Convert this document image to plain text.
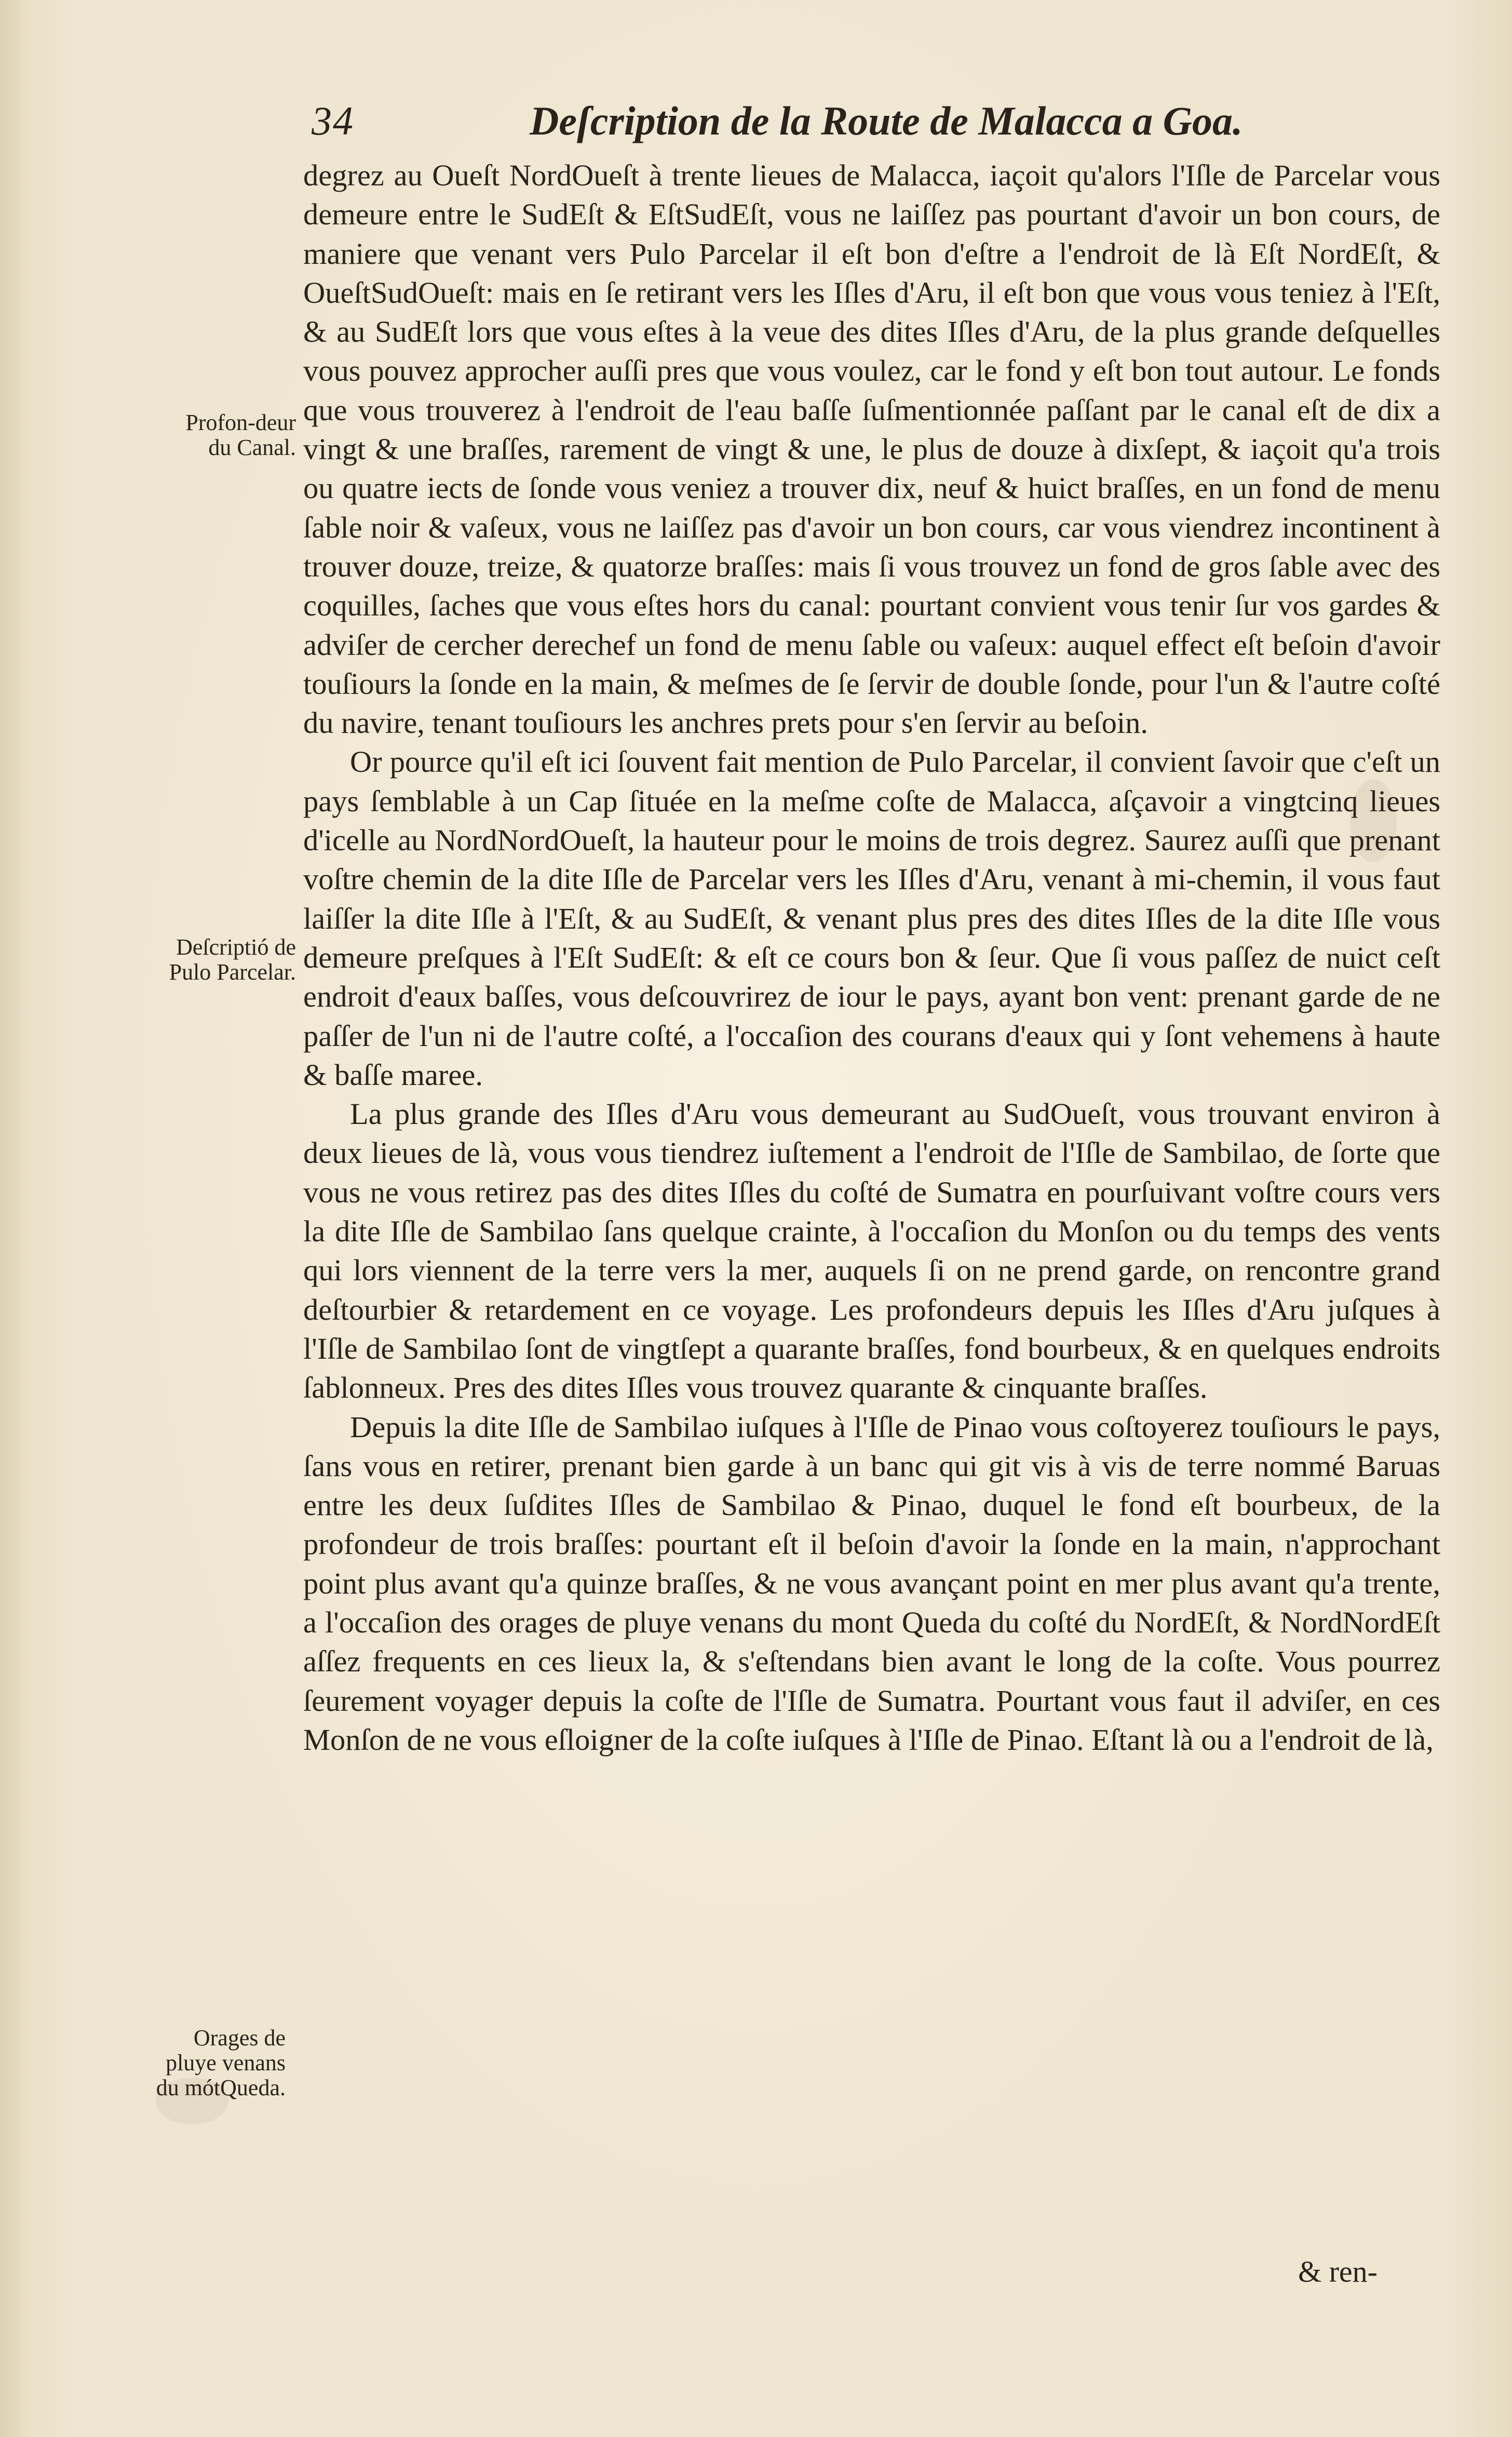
34	Deſcription de la Route de Malacca a Goa.
Profon-deur du Canal.
Deſcriptió de Pulo Parcelar.
Orages de pluye venans du mótQueda.

degrez au Oueſt NordOueſt à trente lieues de Malacca, iaçoit qu'alors l'Iſle de Parcelar vous demeure entre le SudEſt & EſtSudEſt, vous ne laiſſez pas pourtant d'avoir un bon cours, de maniere que venant vers Pulo Parcelar il eſt bon d'eſtre a l'endroit de là Eſt NordEſt, & OueſtSudOueſt: mais en ſe retirant vers les Iſles d'Aru, il eſt bon que vous vous teniez à l'Eſt, & au SudEſt lors que vous eſtes à la veue des dites Iſles d'Aru, de la plus grande deſquelles vous pouvez approcher auſſi pres que vous voulez, car le fond y eſt bon tout autour. Le fonds que vous trouverez à l'endroit de l'eau baſſe ſuſmentionnée paſſant par le canal eſt de dix a vingt & une braſſes, rarement de vingt & une, le plus de douze à dixſept, & iaçoit qu'a trois ou quatre iects de ſonde vous veniez a trouver dix, neuf & huict braſſes, en un fond de menu ſable noir & vaſeux, vous ne laiſſez pas d'avoir un bon cours, car vous viendrez incontinent à trouver douze, treize, & quatorze braſſes: mais ſi vous trouvez un fond de gros ſable avec des coquilles, ſaches que vous eſtes hors du canal: pourtant convient vous tenir ſur vos gardes & adviſer de cercher derechef un fond de menu ſable ou vaſeux: auquel effect eſt beſoin d'avoir touſiours la ſonde en la main, & meſmes de ſe ſervir de double ſonde, pour l'un & l'autre coſté du navire, tenant touſiours les anchres prets pour s'en ſervir au beſoin.

Or pource qu'il eſt ici ſouvent fait mention de Pulo Parcelar, il convient ſavoir que c'eſt un pays ſemblable à un Cap ſituée en la meſme coſte de Malacca, aſçavoir a vingtcinq lieues d'icelle au NordNordOueſt, la hauteur pour le moins de trois degrez. Saurez auſſi que prenant voſtre chemin de la dite Iſle de Parcelar vers les Iſles d'Aru, venant à mi-chemin, il vous faut laiſſer la dite Iſle à l'Eſt, & au SudEſt, & venant plus pres des dites Iſles de la dite Iſle vous demeure preſques à l'Eſt SudEſt: & eſt ce cours bon & ſeur. Que ſi vous paſſez de nuict ceſt endroit d'eaux baſſes, vous deſcouvrirez de iour le pays, ayant bon vent: prenant garde de ne paſſer de l'un ni de l'autre coſté, a l'occaſion des courans d'eaux qui y ſont vehemens à haute & baſſe maree.

La plus grande des Iſles d'Aru vous demeurant au SudOueſt, vous trouvant environ à deux lieues de là, vous vous tiendrez iuſtement a l'endroit de l'Iſle de Sambilao, de ſorte que vous ne vous retirez pas des dites Iſles du coſté de Sumatra en pourſuivant voſtre cours vers la dite Iſle de Sambilao ſans quelque crainte, à l'occaſion du Monſon ou du temps des vents qui lors viennent de la terre vers la mer, auquels ſi on ne prend garde, on rencontre grand deſtourbier & retardement en ce voyage. Les profondeurs depuis les Iſles d'Aru juſques à l'Iſle de Sambilao ſont de vingtſept a quarante braſſes, fond bourbeux, & en quelques endroits ſablonneux. Pres des dites Iſles vous trouvez quarante & cinquante braſſes.

Depuis la dite Iſle de Sambilao iuſques à l'Iſle de Pinao vous coſtoyerez touſiours le pays, ſans vous en retirer, prenant bien garde à un banc qui git vis à vis de terre nommé Baruas entre les deux ſuſdites Iſles de Sambilao & Pinao, duquel le fond eſt bourbeux, de la profondeur de trois braſſes: pourtant eſt il beſoin d'avoir la ſonde en la main, n'approchant point plus avant qu'a quinze braſſes, & ne vous avançant point en mer plus avant qu'a trente, a l'occaſion des orages de pluye venans du mont Queda du coſté du NordEſt, & NordNordEſt aſſez frequents en ces lieux la, & s'eſtendans bien avant le long de la coſte. Vous pourrez ſeurement voyager depuis la coſte de l'Iſle de Sumatra. Pourtant vous faut il adviſer, en ces Monſon de ne vous eſloigner de la coſte iuſques à l'Iſle de Pinao. Eſtant là ou a l'endroit de là,

& ren-
